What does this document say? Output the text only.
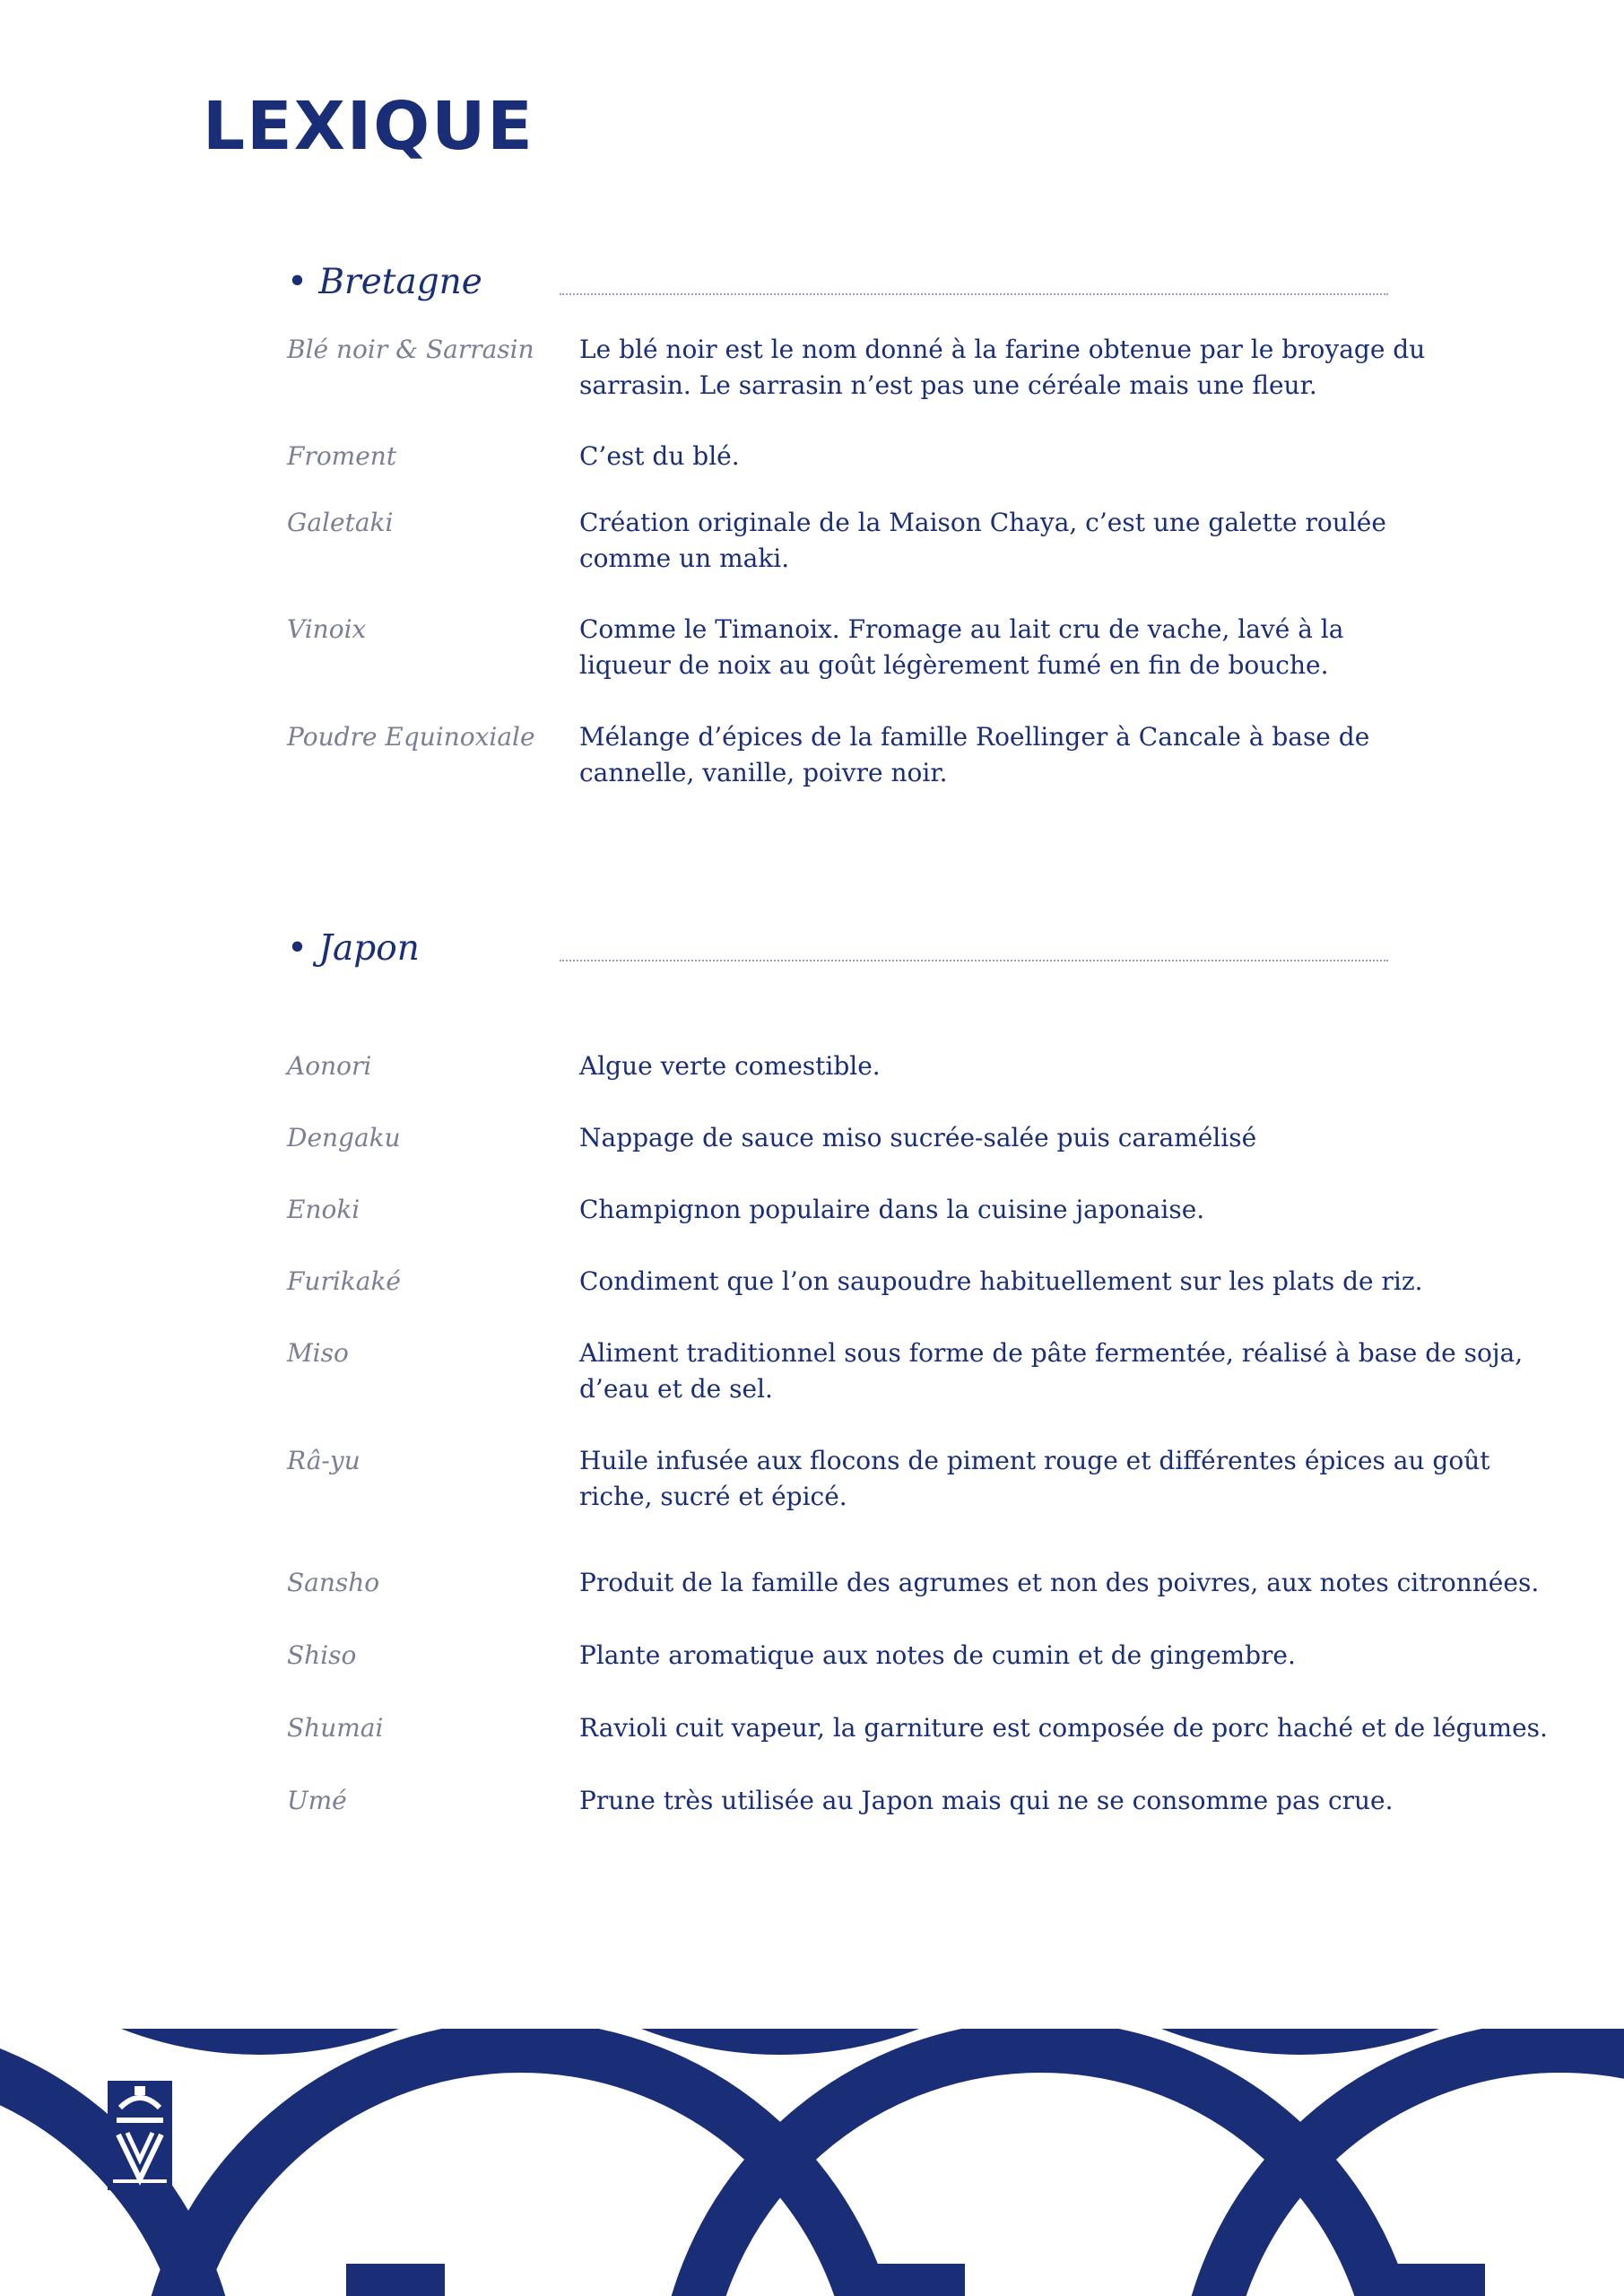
LEXIQUE
• Bretagne
Blé noir & Sarrasin	Le blé noir est le nom donné à la farine obtenue par le broyage du sarrasin. Le sarrasin n’est pas une céréale mais une fleur.
Froment	C’est du blé.
Galetaki	Création originale de la Maison Chaya, c’est une galette roulée comme un maki.
Vinoix	Comme le Timanoix. Fromage au lait cru de vache, lavé à la liqueur de noix au goût légèrement fumé en fin de bouche.
Poudre Equinoxiale	Mélange d’épices de la famille Roellinger à Cancale à base de cannelle, vanille, poivre noir.
• Japon
Aonori	Algue verte comestible.
Dengaku	Nappage de sauce miso sucrée-salée puis caramélisé
Enoki	Champignon populaire dans la cuisine japonaise.
Furikaké	Condiment que l’on saupoudre habituellement sur les plats de riz.
Miso	Aliment traditionnel sous forme de pâte fermentée, réalisé à base de soja, d’eau et de sel.
Râ-yu	Huile infusée aux flocons de piment rouge et différentes épices au goût riche, sucré et épicé.
Sansho	Produit de la famille des agrumes et non des poivres, aux notes citronnées.
Shiso	Plante aromatique aux notes de cumin et de gingembre.
Shumai	Ravioli cuit vapeur, la garniture est composée de porc haché et de légumes.
Umé	Prune très utilisée au Japon mais qui ne se consomme pas crue.
